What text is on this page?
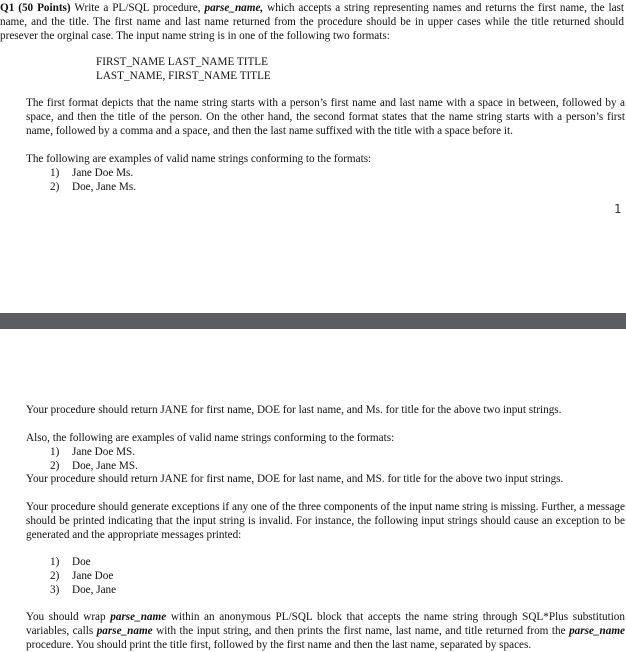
Q1 (50 Points) Write a PL/SQL procedure, parse_name, which accepts a string representing names and returns the first name, the last name, and the title. The first name and last name returned from the procedure should be in upper cases while the title returned should presever the orginal case. The input name string is in one of the following two formats:
FIRST_NAME LAST_NAME TITLE
LAST_NAME, FIRST_NAME TITLE
The first format depicts that the name string starts with a person’s first name and last name with a space in between, followed by a space, and then the title of the person. On the other hand, the second format states that the name string starts with a person’s first name, followed by a comma and a space, and then the last name suffixed with the title with a space before it.
The following are examples of valid name strings conforming to the formats:
1)	Jane Doe Ms.
2)	Doe, Jane Ms.
1
Your procedure should return JANE for first name, DOE for last name, and Ms. for title for the above two input strings.
Also, the following are examples of valid name strings conforming to the formats:
1)	Jane Doe MS.
2)	Doe, Jane MS.
Your procedure should return JANE for first name, DOE for last name, and MS. for title for the above two input strings.
Your procedure should generate exceptions if any one of the three components of the input name string is missing. Further, a message should be printed indicating that the input string is invalid. For instance, the following input strings should cause an exception to be generated and the appropriate messages printed:
1)	Doe
2)	Jane Doe
3)	Doe, Jane
You should wrap parse_name within an anonymous PL/SQL block that accepts the name string through SQL*Plus substitution variables, calls parse_name with the input string, and then prints the first name, last name, and title returned from the parse_name procedure. You should print the title first, followed by the first name and then the last name, separated by spaces.
